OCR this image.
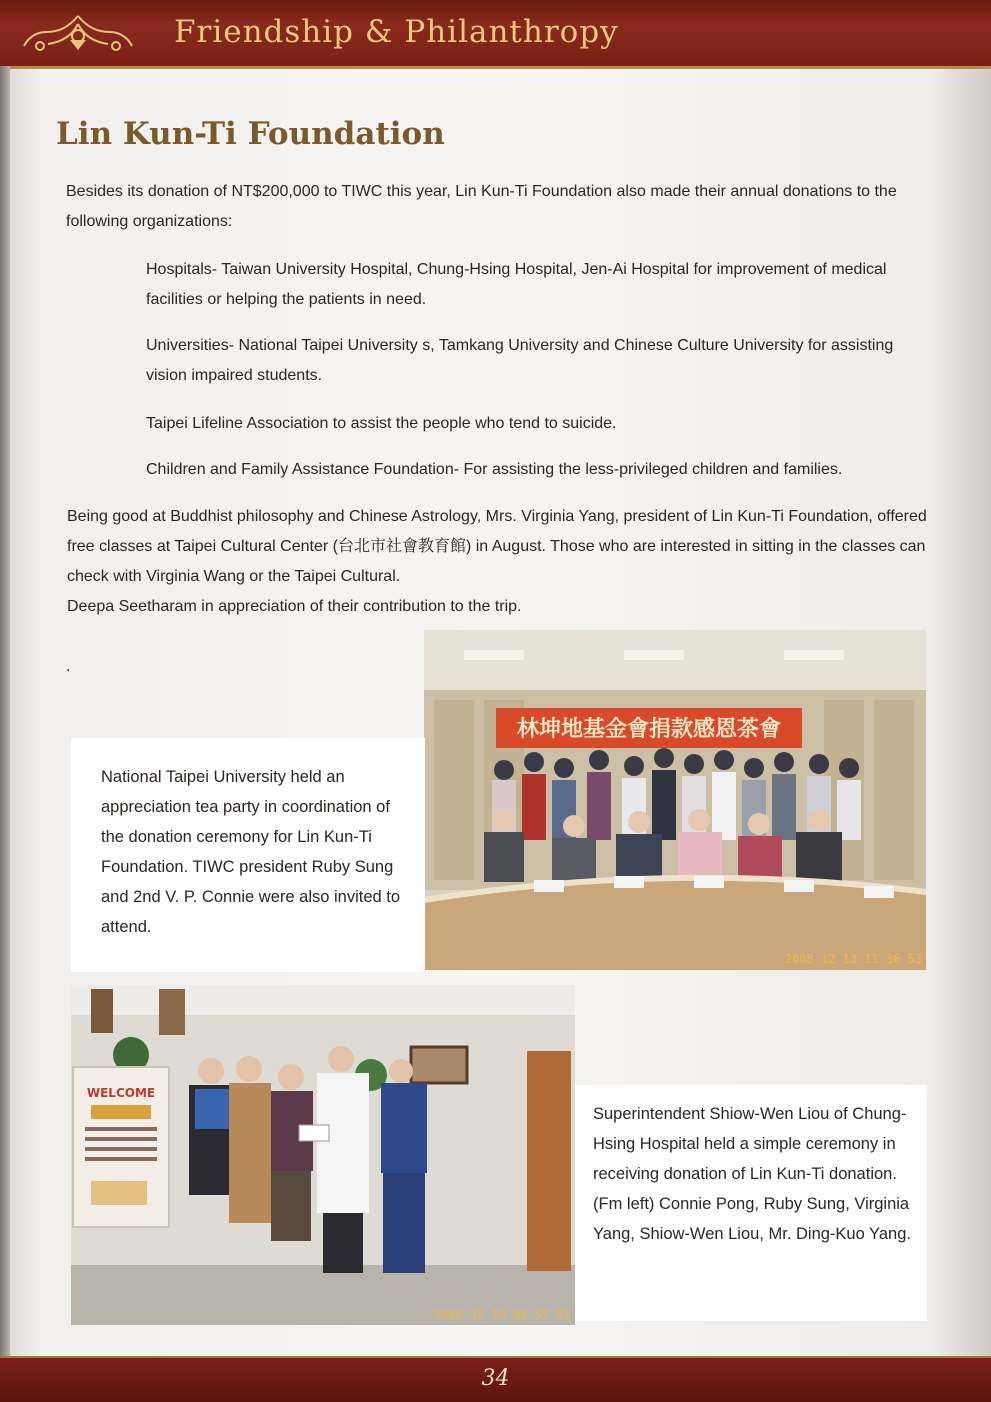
Friendship & Philanthropy
Lin Kun-Ti Foundation
Besides its donation of NT$200,000 to TIWC this year, Lin Kun-Ti Foundation also made their annual donations to the following organizations:
Hospitals- Taiwan University Hospital, Chung-Hsing Hospital, Jen-Ai Hospital for improvement of medical facilities or helping the patients in need.
Universities- National Taipei University s, Tamkang University and Chinese Culture University for assisting vision impaired students.
Taipei Lifeline Association to assist the people who tend to suicide.
Children and Family Assistance Foundation- For assisting the less-privileged children and families.
Being good at Buddhist philosophy and Chinese Astrology, Mrs. Virginia Yang, president of Lin Kun-Ti Foundation, offered free classes at Taipei Cultural Center (台北市社會教育館) in August. Those who are interested in sitting in the classes can check with Virginia Wang or the Taipei Cultural.
Deepa Seetharam in appreciation of their contribution to the trip.
.
林坤地基金會捐款感恩茶會
2008 12 13 11 36 53
National Taipei University held an appreciation tea party in coordination of the donation ceremony for Lin Kun-Ti Foundation. TIWC president Ruby Sung and 2nd V. P. Connie were also invited to attend.
WELCOME
2008 12 16 09 57 51
Superintendent Shiow-Wen Liou of Chung-Hsing Hospital held a simple ceremony in receiving donation of Lin Kun-Ti donation.
(Fm left) Connie Pong, Ruby Sung, Virginia Yang, Shiow-Wen Liou, Mr. Ding-Kuo Yang.
34
